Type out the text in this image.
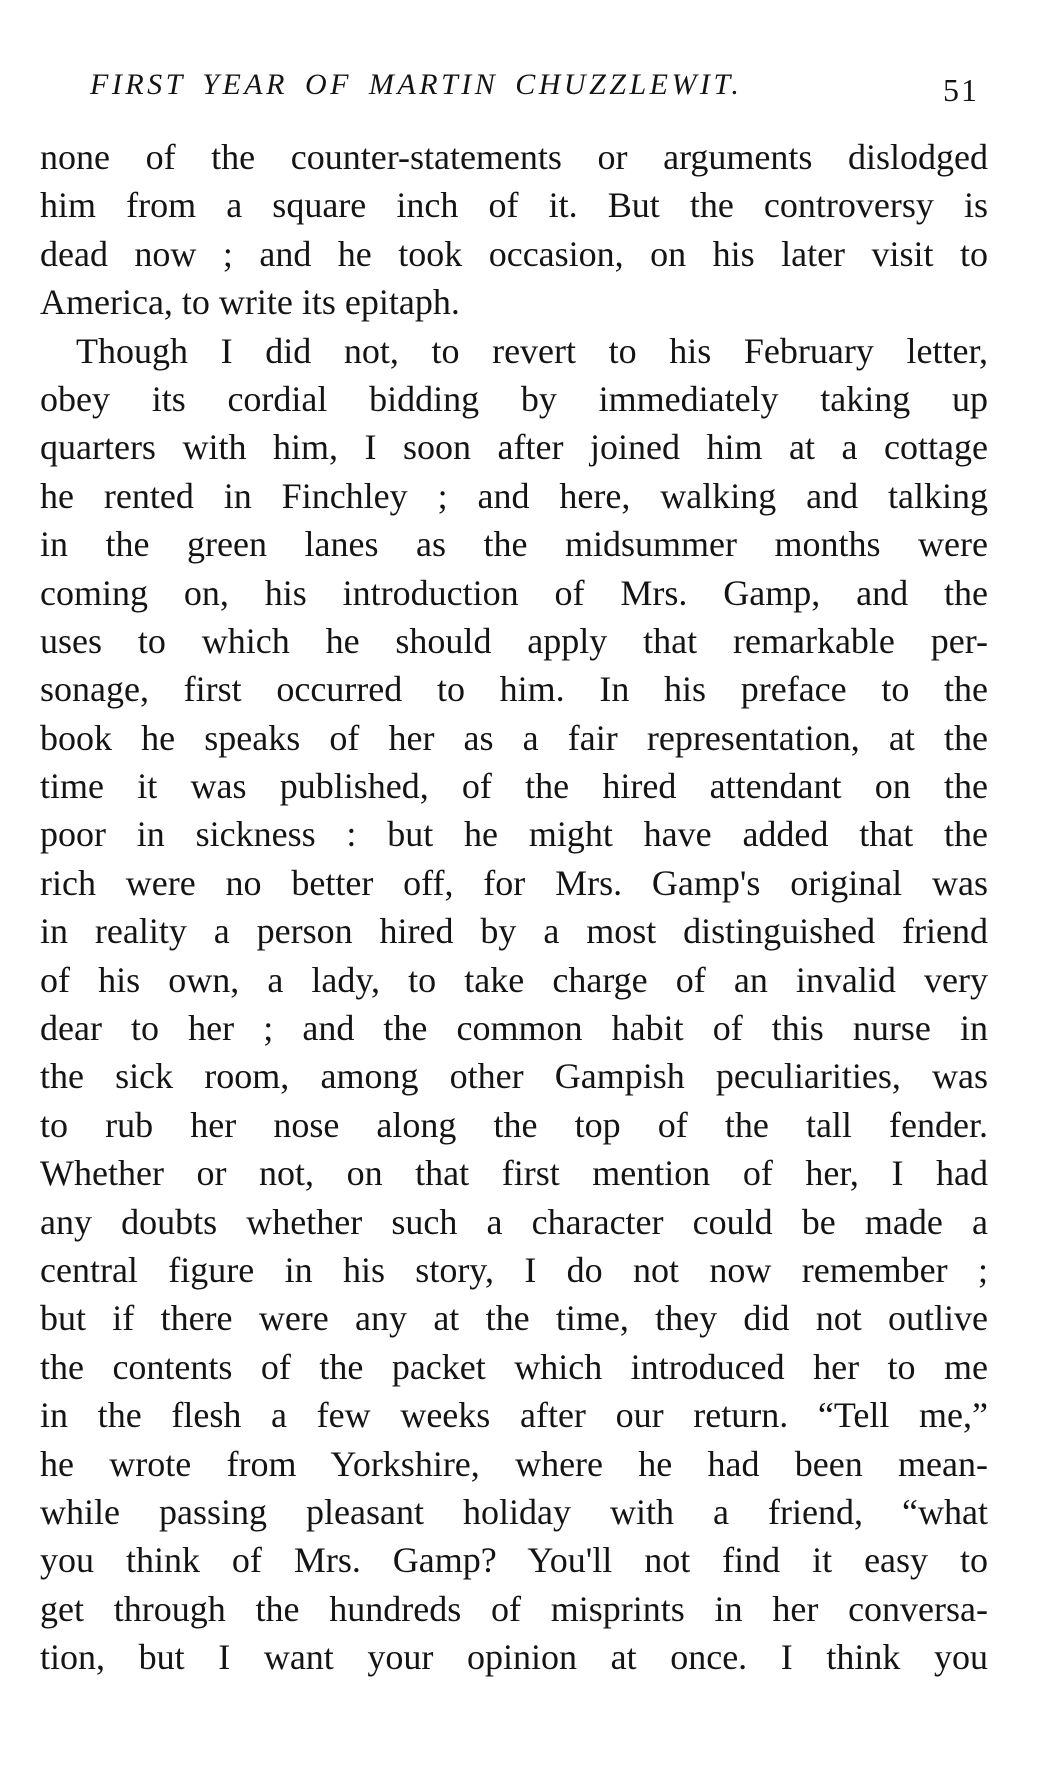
FIRST YEAR OF MARTIN CHUZZLEWIT.	51
none of the counter-statements or arguments dislodged
him from a square inch of it. But the controversy is
dead now ; and he took occasion, on his later visit to
America, to write its epitaph.
Though I did not, to revert to his February letter,
obey its cordial bidding by immediately taking up
quarters with him, I soon after joined him at a cottage
he rented in Finchley ; and here, walking and talking
in the green lanes as the midsummer months were
coming on, his introduction of Mrs. Gamp, and the
uses to which he should apply that remarkable per-
sonage, first occurred to him. In his preface to the
book he speaks of her as a fair representation, at the
time it was published, of the hired attendant on the
poor in sickness : but he might have added that the
rich were no better off, for Mrs. Gamp's original was
in reality a person hired by a most distinguished friend
of his own, a lady, to take charge of an invalid very
dear to her ; and the common habit of this nurse in
the sick room, among other Gampish peculiarities, was
to rub her nose along the top of the tall fender.
Whether or not, on that first mention of her, I had
any doubts whether such a character could be made a
central figure in his story, I do not now remember ;
but if there were any at the time, they did not outlive
the contents of the packet which introduced her to me
in the flesh a few weeks after our return. “Tell me,”
he wrote from Yorkshire, where he had been mean-
while passing pleasant holiday with a friend, “what
you think of Mrs. Gamp? You'll not find it easy to
get through the hundreds of misprints in her conversa-
tion, but I want your opinion at once. I think you
